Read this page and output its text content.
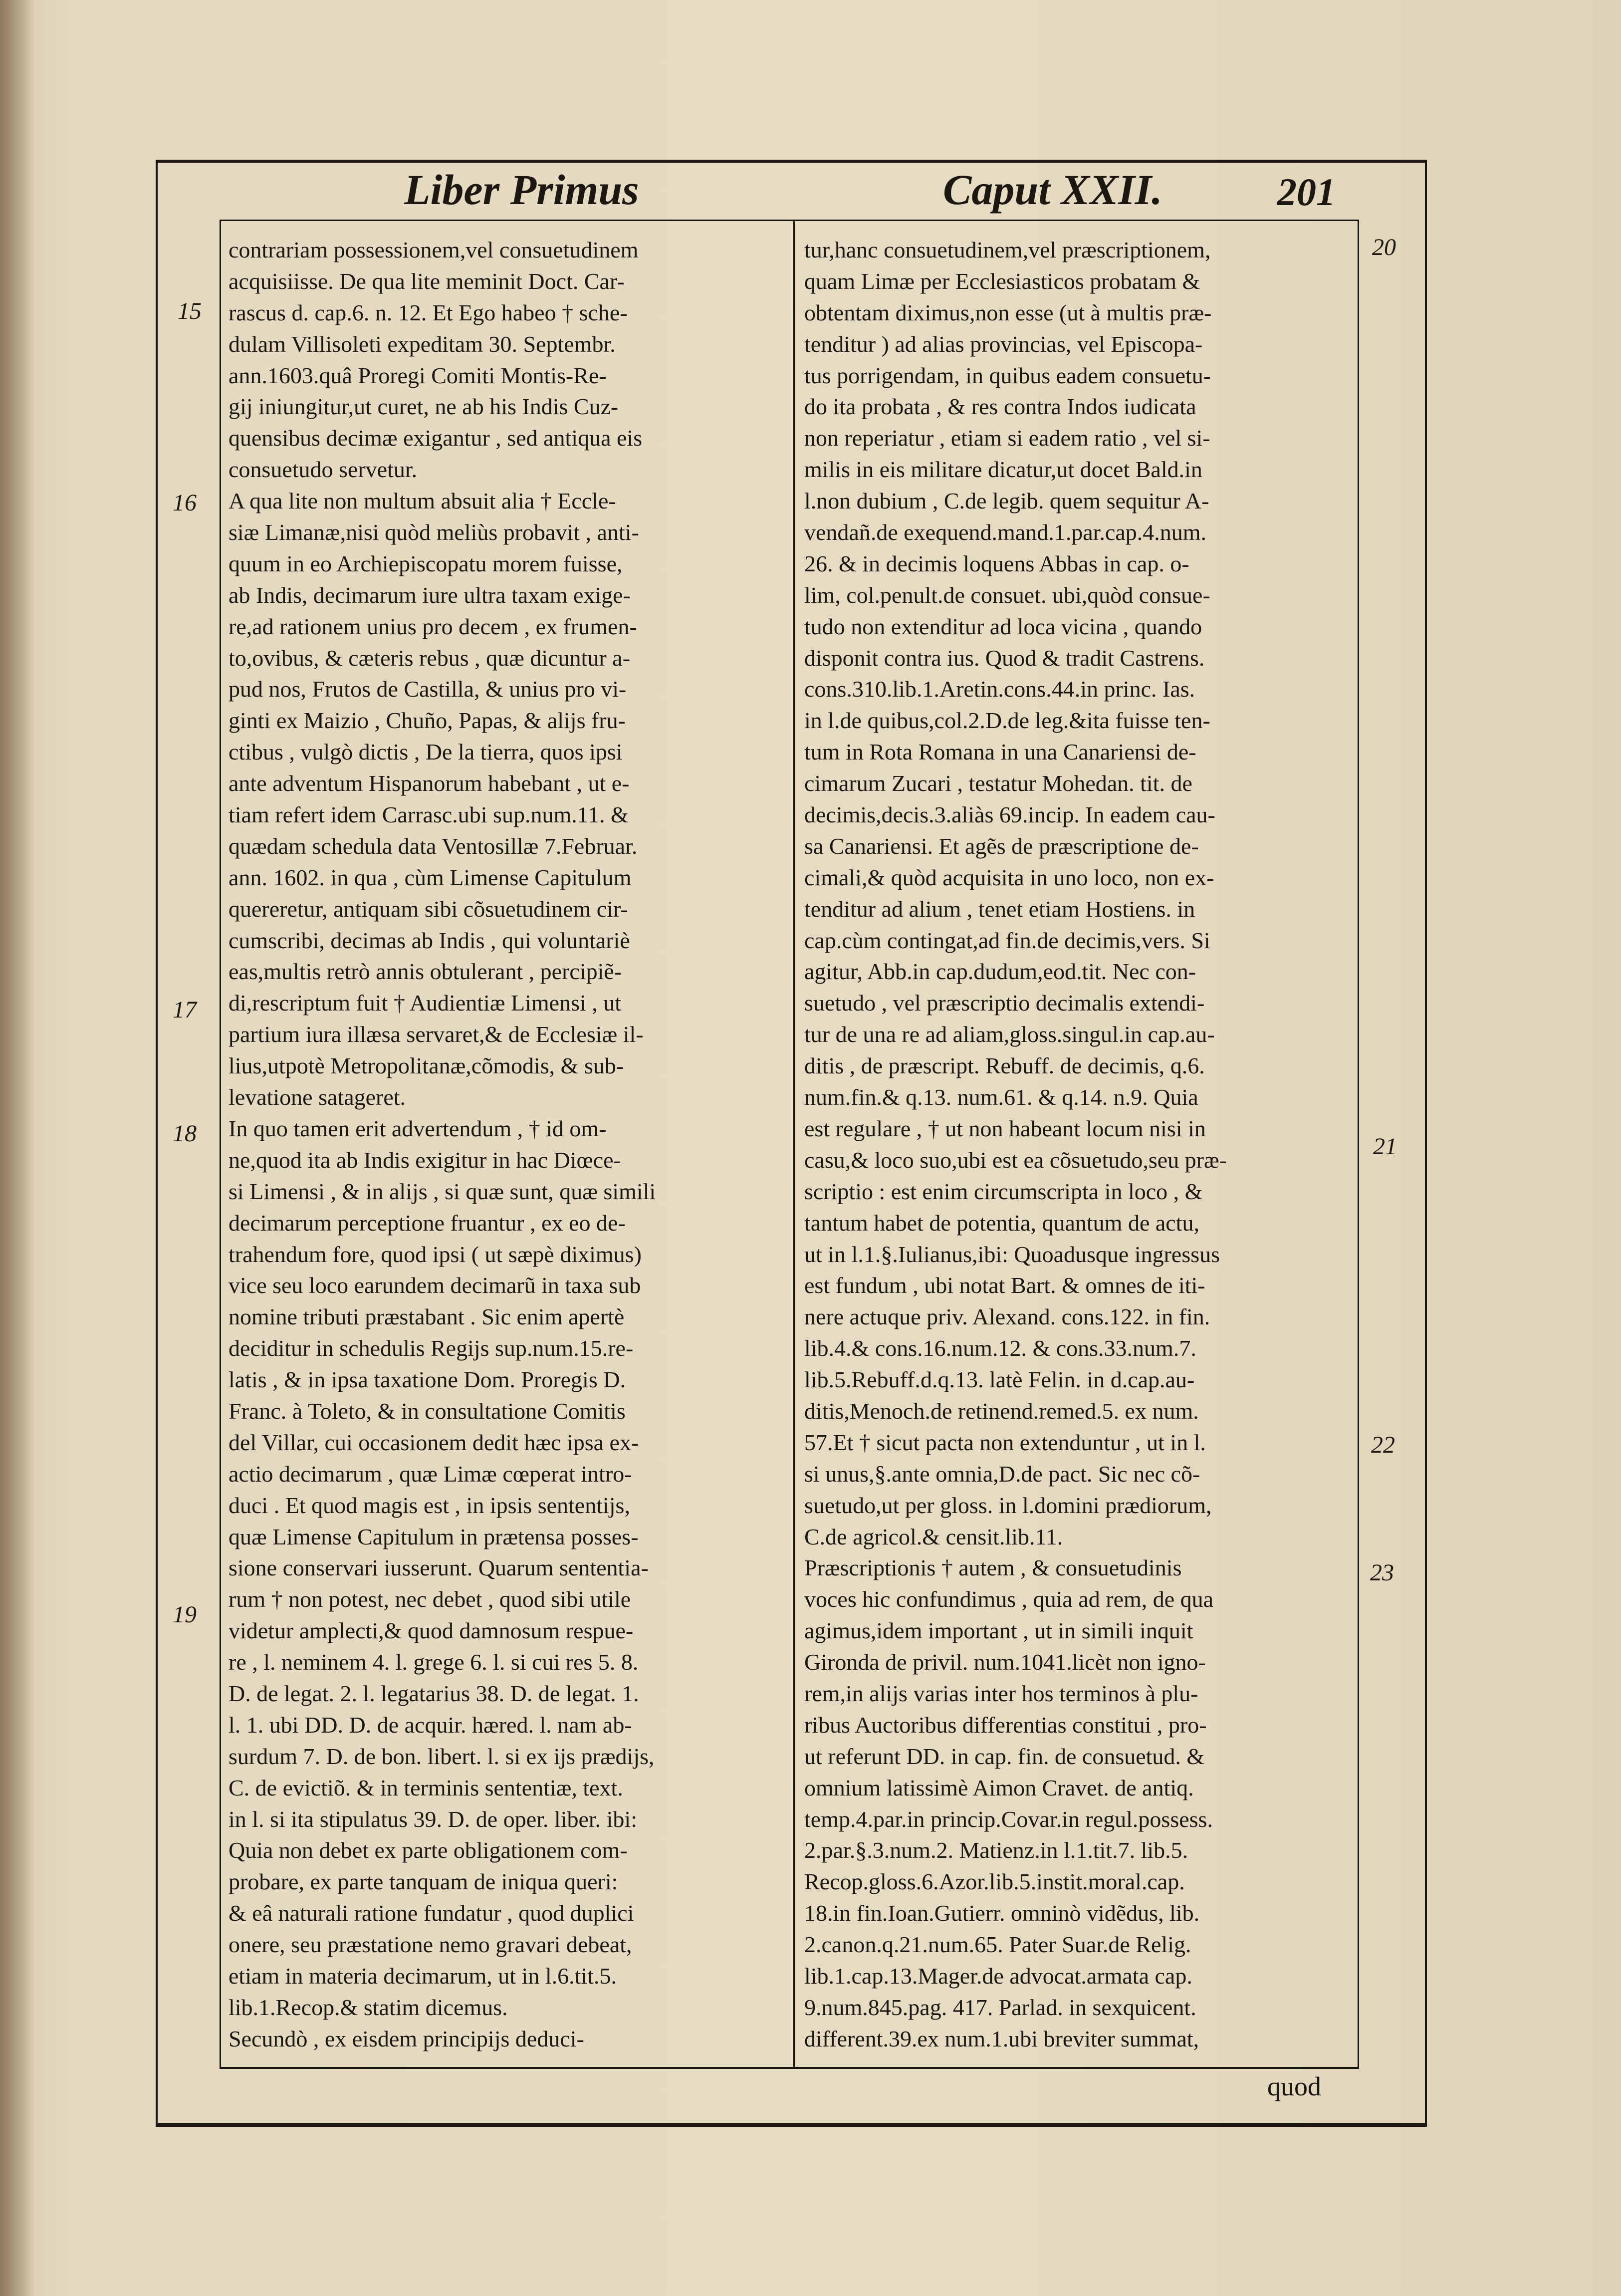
Liber Primus	Caput XXII.	201
15
16
17
18
19
20
21
22
23
contrariam possessionem,vel consuetudinem
acquisiisse. De qua lite meminit Doct. Car-
rascus d. cap.6. n. 12. Et Ego habeo † sche-
dulam Villisoleti expeditam 30. Septembr.
ann.1603.quâ Proregi Comiti Montis-Re-
gij iniungitur,ut curet, ne ab his Indis Cuz-
quensibus decimæ exigantur , sed antiqua eis
consuetudo servetur.
A qua lite non multum absuit alia † Eccle-
siæ Limanæ,nisi quòd meliùs probavit , anti-
quum in eo Archiepiscopatu morem fuisse,
ab Indis, decimarum iure ultra taxam exige-
re,ad rationem unius pro decem , ex frumen-
to,ovibus, & cæteris rebus , quæ dicuntur a-
pud nos, Frutos de Castilla, & unius pro vi-
ginti ex Maizio , Chuño, Papas, & alijs fru-
ctibus , vulgò dictis , De la tierra, quos ipsi
ante adventum Hispanorum habebant , ut e-
tiam refert idem Carrasc.ubi sup.num.11. &
quædam schedula data Ventosillæ 7.Februar.
ann. 1602. in qua , cùm Limense Capitulum
quereretur, antiquam sibi cõsuetudinem cir-
cumscribi, decimas ab Indis , qui voluntariè
eas,multis retrò annis obtulerant , percipiẽ-
di,rescriptum fuit † Audientiæ Limensi , ut
partium iura illæsa servaret,& de Ecclesiæ il-
lius,utpotè Metropolitanæ,cõmodis, & sub-
levatione satageret.
In quo tamen erit advertendum , † id om-
ne,quod ita ab Indis exigitur in hac Diœce-
si Limensi , & in alijs , si quæ sunt, quæ simili
decimarum perceptione fruantur , ex eo de-
trahendum fore, quod ipsi ( ut sæpè diximus)
vice seu loco earundem decimarũ in taxa sub
nomine tributi præstabant . Sic enim apertè
deciditur in schedulis Regijs sup.num.15.re-
latis , & in ipsa taxatione Dom. Proregis D.
Franc. à Toleto, & in consultatione Comitis
del Villar, cui occasionem dedit hæc ipsa ex-
actio decimarum , quæ Limæ cœperat intro-
duci . Et quod magis est , in ipsis sententijs,
quæ Limense Capitulum in prætensa posses-
sione conservari iusserunt. Quarum sententia-
rum † non potest, nec debet , quod sibi utile
videtur amplecti,& quod damnosum respue-
re , l. neminem 4. l. grege 6. l. si cui res 5. 8.
D. de legat. 2. l. legatarius 38. D. de legat. 1.
l. 1. ubi DD. D. de acquir. hæred. l. nam ab-
surdum 7. D. de bon. libert. l. si ex ijs prædijs,
C. de evictiõ. & in terminis sententiæ, text.
in l. si ita stipulatus 39. D. de oper. liber. ibi:
Quia non debet ex parte obligationem com-
probare, ex parte tanquam de iniqua queri:
& eâ naturali ratione fundatur , quod duplici
onere, seu præstatione nemo gravari debeat,
etiam in materia decimarum, ut in l.6.tit.5.
lib.1.Recop.& statim dicemus.
Secundò , ex eisdem principijs deduci-
tur,hanc consuetudinem,vel præscriptionem,
quam Limæ per Ecclesiasticos probatam &
obtentam diximus,non esse (ut à multis præ-
tenditur ) ad alias provincias, vel Episcopa-
tus porrigendam, in quibus eadem consuetu-
do ita probata , & res contra Indos iudicata
non reperiatur , etiam si eadem ratio , vel si-
milis in eis militare dicatur,ut docet Bald.in
l.non dubium , C.de legib. quem sequitur A-
vendañ.de exequend.mand.1.par.cap.4.num.
26. & in decimis loquens Abbas in cap. o-
lim, col.penult.de consuet. ubi,quòd consue-
tudo non extenditur ad loca vicina , quando
disponit contra ius. Quod & tradit Castrens.
cons.310.lib.1.Aretin.cons.44.in princ. Ias.
in l.de quibus,col.2.D.de leg.&ita fuisse ten-
tum in Rota Romana in una Canariensi de-
cimarum Zucari , testatur Mohedan. tit. de
decimis,decis.3.aliàs 69.incip. In eadem cau-
sa Canariensi. Et agẽs de præscriptione de-
cimali,& quòd acquisita in uno loco, non ex-
tenditur ad alium , tenet etiam Hostiens. in
cap.cùm contingat,ad fin.de decimis,vers. Si
agitur, Abb.in cap.dudum,eod.tit. Nec con-
suetudo , vel præscriptio decimalis extendi-
tur de una re ad aliam,gloss.singul.in cap.au-
ditis , de præscript. Rebuff. de decimis, q.6.
num.fin.& q.13. num.61. & q.14. n.9. Quia
est regulare , † ut non habeant locum nisi in
casu,& loco suo,ubi est ea cõsuetudo,seu præ-
scriptio : est enim circumscripta in loco , &
tantum habet de potentia, quantum de actu,
ut in l.1.§.Iulianus,ibi: Quoadusque ingressus
est fundum , ubi notat Bart. & omnes de iti-
nere actuque priv. Alexand. cons.122. in fin.
lib.4.& cons.16.num.12. & cons.33.num.7.
lib.5.Rebuff.d.q.13. latè Felin. in d.cap.au-
ditis,Menoch.de retinend.remed.5. ex num.
57.Et † sicut pacta non extenduntur , ut in l.
si unus,§.ante omnia,D.de pact. Sic nec cõ-
suetudo,ut per gloss. in l.domini prædiorum,
C.de agricol.& censit.lib.11.
Præscriptionis † autem , & consuetudinis
voces hic confundimus , quia ad rem, de qua
agimus,idem important , ut in simili inquit
Gironda de privil. num.1041.licèt non igno-
rem,in alijs varias inter hos terminos à plu-
ribus Auctoribus differentias constitui , pro-
ut referunt DD. in cap. fin. de consuetud. &
omnium latissimè Aimon Cravet. de antiq.
temp.4.par.in princip.Covar.in regul.possess.
2.par.§.3.num.2. Matienz.in l.1.tit.7. lib.5.
Recop.gloss.6.Azor.lib.5.instit.moral.cap.
18.in fin.Ioan.Gutierr. omninò vidẽdus, lib.
2.canon.q.21.num.65. Pater Suar.de Relig.
lib.1.cap.13.Mager.de advocat.armata cap.
9.num.845.pag. 417. Parlad. in sexquicent.
different.39.ex num.1.ubi breviter summat,
quod
